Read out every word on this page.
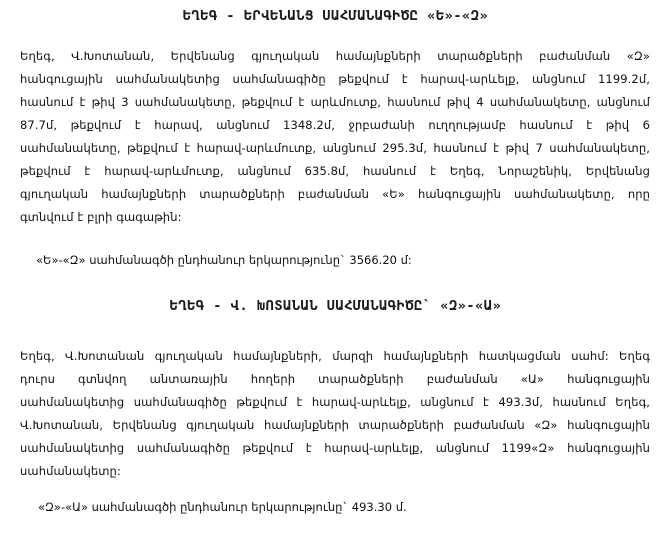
ԵՂԵԳ - ԵՐՎԵՆԱՆՑ ՍԱՀՄԱՆԱԳԻԾԸ «Ե»-«Զ»
Եղեգ, Վ.Խոտանան, Երվենանց գյուղական համայնքների տարածքների բաժանման «Զ»
հանգուցային սահմանակետից սահմանագիծը թեքվում է հարավ-արևելք, անցնում 1199.2մ,
հասնում է թիվ 3 սահմանակետը, թեքվում է արևմուտք, հասնում թիվ 4 սահմանակետը, անցնում
87.7մ, թեքվում է հարավ, անցնում 1348.2մ, ջրբաժանի ուղղությամբ հասնում է թիվ 6
սահմանակետը, թեքվում է հարավ-արևմուտք, անցնում 295.3մ, հասնում է թիվ 7 սահմանակետը,
թեքվում է հարավ-արևմուտք, անցնում 635.8մ, հասնում է Եղեգ, Նորաշենիկ, Երվենանց
գյուղական համայնքների տարածքների բաժանման «Ե» հանգուցային սահմանակետը, որը
գտնվում է բլրի գագաթին:
«Ե»-«Զ» սահմանագծի ընդհանուր երկարությունը` 3566.20 մ:
ԵՂԵԳ - Վ. ԽՈՏԱՆԱՆ ՍԱՀՄԱՆԱԳԻԾԸ` «Զ»-«Ա»
Եղեգ, Վ.Խոտանան գյուղական համայնքների, մարզի համայնքների հատկացման սահմ: Եղեգ
դուրս գտնվող անտառային հողերի տարածքների բաժանման «Ա» հանգուցային
սահմանակետից սահմանագիծը թեքվում է հարավ-արևելք, անցնում է 493.3մ, հասնում Եղեգ,
Վ.Խոտանան, Երվենանց գյուղական համայնքների տարածքների բաժանման «Զ» հանգուցային
սահմանակետից սահմանագիծը թեքվում է հարավ-արևելք, անցնում 1199«Զ» հանգուցային
սահմանակետը:
«Զ»-«Ա» սահմանագծի ընդհանուր երկարությունը` 493.30 մ.
